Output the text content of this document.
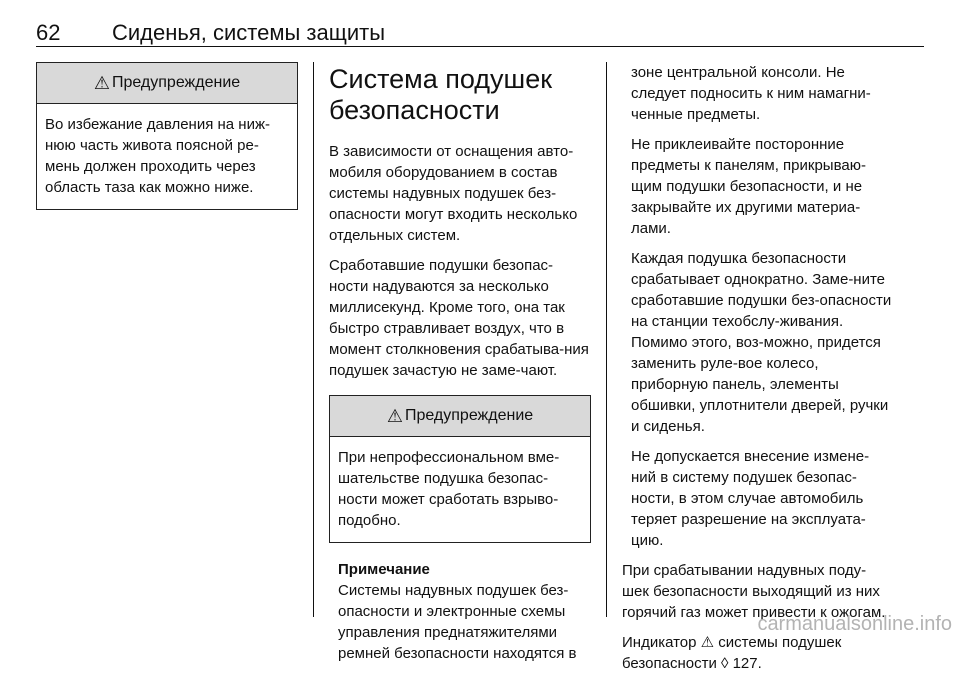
62 Сиденья, системы защиты
⚠ Предупреждение
Во избежание давления на ниж-нюю часть живота поясной ре-мень должен проходить через область таза как можно ниже.
Система подушек безопасности

В зависимости от оснащения авто-мобиля оборудованием в состав системы надувных подушек без-опасности могут входить несколько отдельных систем.

Сработавшие подушки безопас-ности надуваются за несколько миллисекунд. Кроме того, она так быстро стравливает воздух, что в момент столкновения срабатыва-ния подушек зачастую не заме-чают.

⚠ Предупреждение
При непрофессиональном вме-шательстве подушка безопас-ности может сработать взрыво-подобно.
Примечание
Системы надувных подушек без-опасности и электронные схемы управления преднатяжителями ремней безопасности находятся в

зоне центральной консоли. Не следует подносить к ним намагни-ченные предметы.

Не приклеивайте посторонние предметы к панелям, прикрываю-щим подушки безопасности, и не закрывайте их другими материа-лами.

Каждая подушка безопасности срабатывает однократно. Заме-ните сработавшие подушки без-опасности на станции техобслу-живания. Помимо этого, воз-можно, придется заменить руле-вое колесо, приборную панель, элементы обшивки, уплотнители дверей, ручки и сиденья.

Не допускается внесение измене-ний в систему подушек безопас-ности, в этом случае автомобиль теряет разрешение на эксплуата-цию.

При срабатывании надувных поду-шек безопасности выходящий из них горячий газ может привести к ожогам.

Индикатор ⚠ системы подушек безопасности ◊ 127.

carmanualsonline.info
